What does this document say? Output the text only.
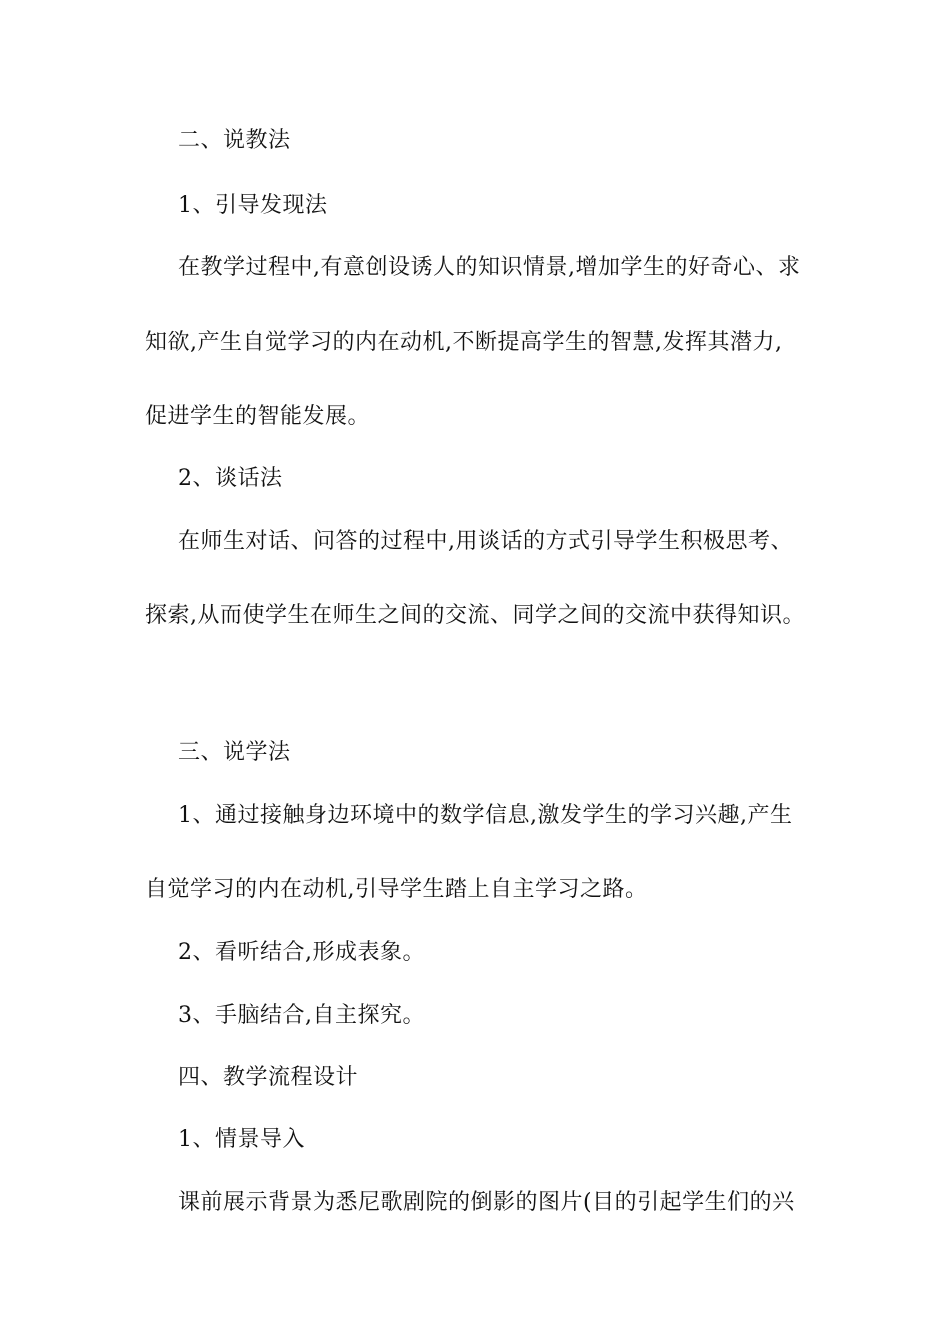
二、说教法
1、引导发现法
在教学过程中,有意创设诱人的知识情景,增加学生的好奇心、求
知欲,产生自觉学习的内在动机,不断提高学生的智慧,发挥其潜力,
促进学生的智能发展。
2、谈话法
在师生对话、问答的过程中,用谈话的方式引导学生积极思考、
探索,从而使学生在师生之间的交流、同学之间的交流中获得知识。
三、说学法
1、通过接触身边环境中的数学信息,激发学生的学习兴趣,产生
自觉学习的内在动机,引导学生踏上自主学习之路。
2、看听结合,形成表象。
3、手脑结合,自主探究。
四、教学流程设计
1、情景导入
课前展示背景为悉尼歌剧院的倒影的图片(目的引起学生们的兴
